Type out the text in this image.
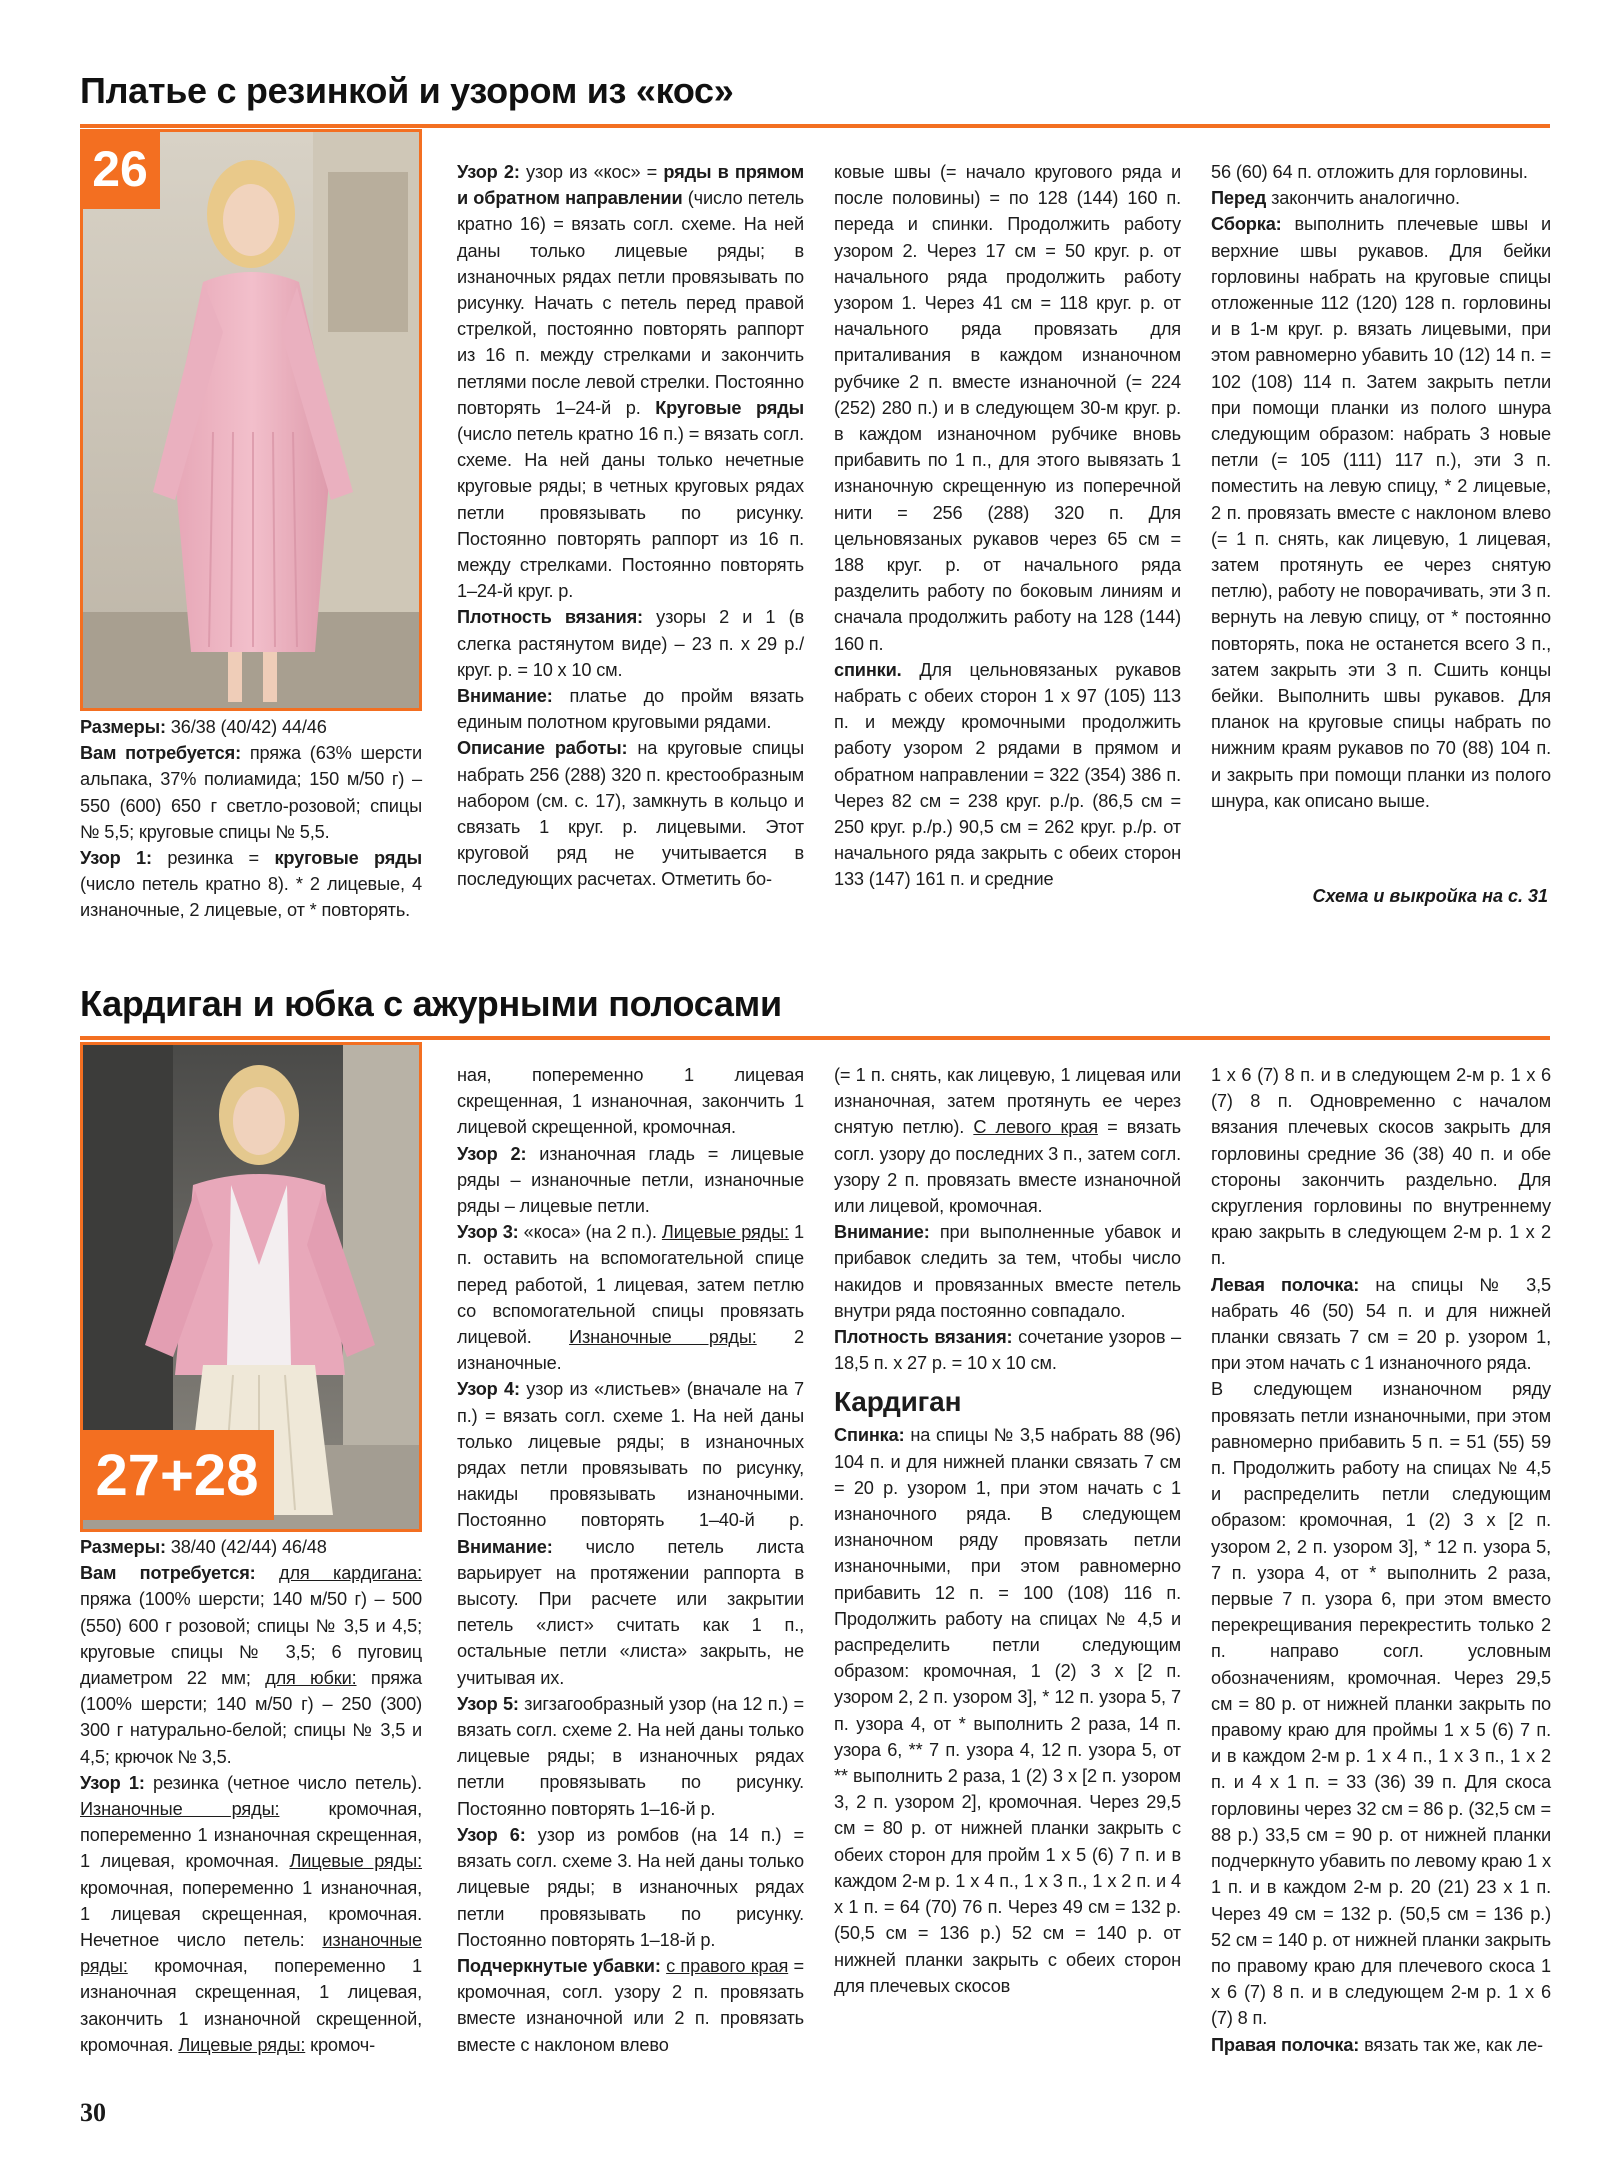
Платье с резинкой и узором из «кос»
26

Размеры: 36/38 (40/42) 44/46

Вам потребуется: пряжа (63% шерсти альпака, 37% полиамида; 150 м/50 г) – 550 (600) 650 г светло-розовой; спицы № 5,5; круговые спицы № 5,5.

Узор 1: резинка = круговые ряды (число петель кратно 8). * 2 лицевые, 4 изнаночные, 2 лицевые, от * повторять.

Узор 2: узор из «кос» = ряды в прямом и обратном направлении (число петель кратно 16) = вязать согл. схеме. На ней даны только лицевые ряды; в изнаночных рядах петли провязывать по рисунку. Начать с петель перед правой стрелкой, постоянно повторять раппорт из 16 п. между стрелками и закончить петлями после левой стрелки. Постоянно повторять 1–24-й р. Круговые ряды (число петель кратно 16 п.) = вязать согл. схеме. На ней даны только нечетные круговые ряды; в четных круговых рядах петли провязывать по рисунку. Постоянно повторять раппорт из 16 п. между стрелками. Постоянно повторять 1–24-й круг. р.

Плотность вязания: узоры 2 и 1 (в слегка растянутом виде) – 23 п. x 29 р./круг. р. = 10 x 10 см.

Внимание: платье до пройм вязать единым полотном круговыми рядами.

Описание работы: на круговые спицы набрать 256 (288) 320 п. крестообразным набором (см. с. 17), замкнуть в кольцо и связать 1 круг. р. лицевыми. Этот круговой ряд не учитывается в последующих расчетах. Отметить бо-

ковые швы (= начало кругового ряда и после половины) = по 128 (144) 160 п. переда и спинки. Продолжить работу узором 2. Через 17 см = 50 круг. р. от начального ряда продолжить работу узором 1. Через 41 см = 118 круг. р. от начального ряда провязать для приталивания в каждом изнаночном рубчике 2 п. вместе изнаночной (= 224 (252) 280 п.) и в следующем 30-м круг. р. в каждом изнаночном рубчике вновь прибавить по 1 п., для этого вывязать 1 изнаночную скрещенную из поперечной нити = 256 (288) 320 п. Для цельновязаных рукавов через 65 см = 188 круг. р. от начального ряда разделить работу по боковым линиям и сначала продолжить работу на 128 (144) 160 п.

спинки. Для цельновязаных рукавов набрать с обеих сторон 1 x 97 (105) 113 п. и между кромочными продолжить работу узором 2 рядами в прямом и обратном направлении = 322 (354) 386 п. Через 82 см = 238 круг. р./р. (86,5 см = 250 круг. р./р.) 90,5 см = 262 круг. р./р. от начального ряда закрыть с обеих сторон 133 (147) 161 п. и средние

56 (60) 64 п. отложить для горловины.

Перед закончить аналогично.

Сборка: выполнить плечевые швы и верхние швы рукавов. Для бейки горловины набрать на круговые спицы отложенные 112 (120) 128 п. горловины и в 1-м круг. р. вязать лицевыми, при этом равномерно убавить 10 (12) 14 п. = 102 (108) 114 п. Затем закрыть петли при помощи планки из полого шнура следующим образом: набрать 3 новые петли (= 105 (111) 117 п.), эти 3 п. поместить на левую спицу, * 2 лицевые, 2 п. провязать вместе с наклоном влево (= 1 п. снять, как лицевую, 1 лицевая, затем протянуть ее через снятую петлю), работу не поворачивать, эти 3 п. вернуть на левую спицу, от * постоянно повторять, пока не останется всего 3 п., затем закрыть эти 3 п. Сшить концы бейки. Выполнить швы рукавов. Для планок на круговые спицы набрать по нижним краям рукавов по 70 (88) 104 п. и закрыть при помощи планки из полого шнура, как описано выше.

Схема и выкройка на с. 31
Кардиган и юбка с ажурными полосами
27+28

Размеры: 38/40 (42/44) 46/48

Вам потребуется: для кардигана: пряжа (100% шерсти; 140 м/50 г) – 500 (550) 600 г розовой; спицы № 3,5 и 4,5; круговые спицы № 3,5; 6 пуговиц диаметром 22 мм; для юбки: пряжа (100% шерсти; 140 м/50 г) – 250 (300) 300 г натурально-белой; спицы № 3,5 и 4,5; крючок № 3,5.

Узор 1: резинка (четное число петель). Изнаночные ряды: кромочная, попеременно 1 изнаночная скрещенная, 1 лицевая, кромочная. Лицевые ряды: кромочная, попеременно 1 изнаночная, 1 лицевая скрещенная, кромочная. Нечетное число петель: изнаночные ряды: кромочная, попеременно 1 изнаночная скрещенная, 1 лицевая, закончить 1 изнаночной скрещенной, кромочная. Лицевые ряды: кромоч-

ная, попеременно 1 лицевая скрещенная, 1 изнаночная, закончить 1 лицевой скрещенной, кромочная.

Узор 2: изнаночная гладь = лицевые ряды – изнаночные петли, изнаночные ряды – лицевые петли.

Узор 3: «коса» (на 2 п.). Лицевые ряды: 1 п. оставить на вспомогательной спице перед работой, 1 лицевая, затем петлю со вспомогательной спицы провязать лицевой. Изнаночные ряды: 2 изнаночные.

Узор 4: узор из «листьев» (вначале на 7 п.) = вязать согл. схеме 1. На ней даны только лицевые ряды; в изнаночных рядах петли провязывать по рисунку, накиды провязывать изнаночными. Постоянно повторять 1–40-й р. Внимание: число петель листа варьирует на протяжении раппорта в высоту. При расчете или закрытии петель «лист» считать как 1 п., остальные петли «листа» закрыть, не учитывая их.

Узор 5: зигзагообразный узор (на 12 п.) = вязать согл. схеме 2. На ней даны только лицевые ряды; в изнаночных рядах петли провязывать по рисунку. Постоянно повторять 1–16-й р.

Узор 6: узор из ромбов (на 14 п.) = вязать согл. схеме 3. На ней даны только лицевые ряды; в изнаночных рядах петли провязывать по рисунку. Постоянно повторять 1–18-й р.

Подчеркнутые убавки: с правого края = кромочная, согл. узору 2 п. провязать вместе изнаночной или 2 п. провязать вместе с наклоном влево

(= 1 п. снять, как лицевую, 1 лицевая или изнаночная, затем протянуть ее через снятую петлю). С левого края = вязать согл. узору до последних 3 п., затем согл. узору 2 п. провязать вместе изнаночной или лицевой, кромочная.

Внимание: при выполненные убавок и прибавок следить за тем, чтобы число накидов и провязанных вместе петель внутри ряда постоянно совпадало.

Плотность вязания: сочетание узоров – 18,5 п. x 27 р. = 10 x 10 см.

Кардиган

Спинка: на спицы № 3,5 набрать 88 (96) 104 п. и для нижней планки связать 7 см = 20 р. узором 1, при этом начать с 1 изнаночного ряда. В следующем изнаночном ряду провязать петли изнаночными, при этом равномерно прибавить 12 п. = 100 (108) 116 п. Продолжить работу на спицах № 4,5 и распределить петли следующим образом: кромочная, 1 (2) 3 x [2 п. узором 2, 2 п. узором 3], * 12 п. узора 5, 7 п. узора 4, от * выполнить 2 раза, 14 п. узора 6, ** 7 п. узора 4, 12 п. узора 5, от ** выполнить 2 раза, 1 (2) 3 x [2 п. узором 3, 2 п. узором 2], кромочная. Через 29,5 см = 80 р. от нижней планки закрыть с обеих сторон для пройм 1 x 5 (6) 7 п. и в каждом 2-м р. 1 x 4 п., 1 x 3 п., 1 x 2 п. и 4 x 1 п. = 64 (70) 76 п. Через 49 см = 132 р. (50,5 см = 136 р.) 52 см = 140 р. от нижней планки закрыть с обеих сторон для плечевых скосов

1 x 6 (7) 8 п. и в следующем 2-м р. 1 x 6 (7) 8 п. Одновременно с началом вязания плечевых скосов закрыть для горловины средние 36 (38) 40 п. и обе стороны закончить раздельно. Для скругления горловины по внутреннему краю закрыть в следующем 2-м р. 1 x 2 п.

Левая полочка: на спицы № 3,5 набрать 46 (50) 54 п. и для нижней планки связать 7 см = 20 р. узором 1, при этом начать с 1 изнаночного ряда.

В следующем изнаночном ряду провязать петли изнаночными, при этом равномерно прибавить 5 п. = 51 (55) 59 п. Продолжить работу на спицах № 4,5 и распределить петли следующим образом: кромочная, 1 (2) 3 x [2 п. узором 2, 2 п. узором 3], * 12 п. узора 5, 7 п. узора 4, от * выполнить 2 раза, первые 7 п. узора 6, при этом вместо перекрещивания перекрестить только 2 п. направо согл. условным обозначениям, кромочная. Через 29,5 см = 80 р. от нижней планки закрыть по правому краю для проймы 1 x 5 (6) 7 п. и в каждом 2-м р. 1 x 4 п., 1 x 3 п., 1 x 2 п. и 4 x 1 п. = 33 (36) 39 п. Для скоса горловины через 32 см = 86 р. (32,5 см = 88 р.) 33,5 см = 90 р. от нижней планки подчеркнуто убавить по левому краю 1 x 1 п. и в каждом 2-м р. 20 (21) 23 x 1 п. Через 49 см = 132 р. (50,5 см = 136 р.) 52 см = 140 р. от нижней планки закрыть по правому краю для плечевого скоса 1 x 6 (7) 8 п. и в следующем 2-м р. 1 x 6 (7) 8 п.

Правая полочка: вязать так же, как ле-

30
